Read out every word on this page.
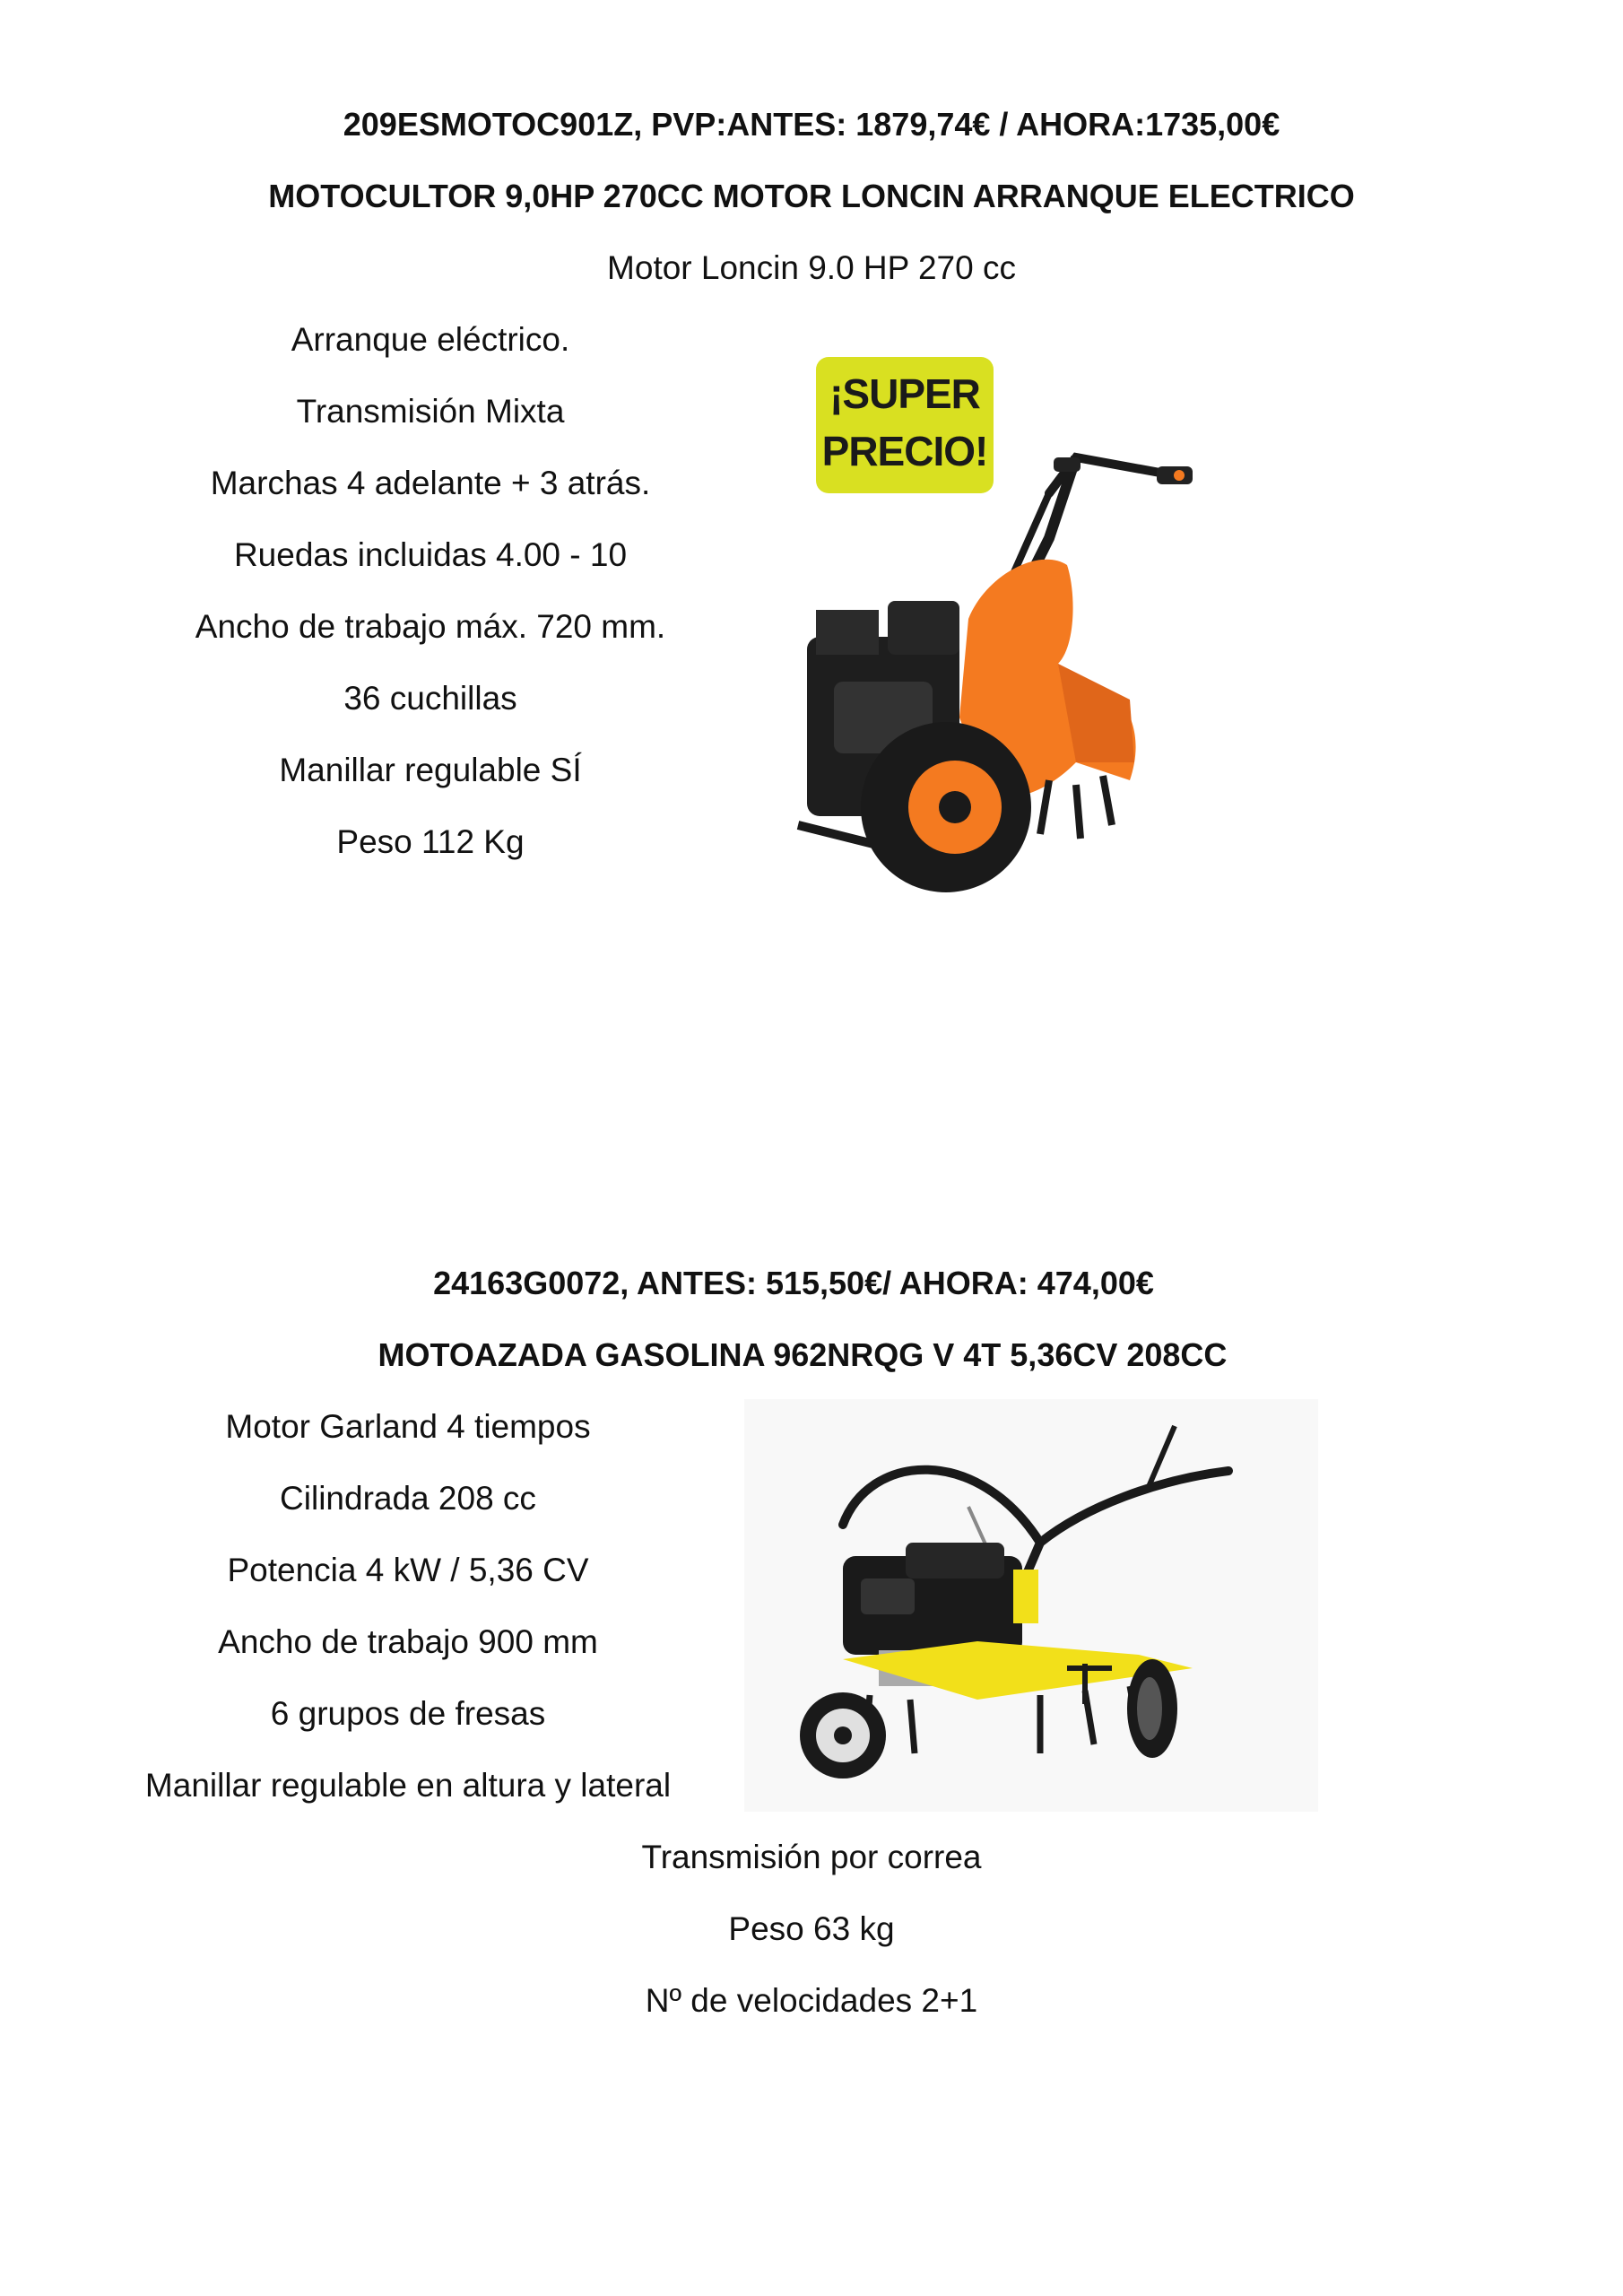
209ESMOTOC901Z, PVP:ANTES: 1879,74€ / AHORA:1735,00€
MOTOCULTOR 9,0HP 270CC MOTOR LONCIN ARRANQUE ELECTRICO
Motor Loncin 9.0 HP 270 cc
Arranque eléctrico.
Transmisión Mixta
Marchas 4 adelante + 3 atrás.
Ruedas incluidas 4.00 - 10
Ancho de trabajo máx. 720 mm.
36 cuchillas
Manillar regulable SÍ
Peso 112 Kg
¡SUPER
PRECIO!
24163G0072, ANTES: 515,50€/ AHORA: 474,00€
MOTOAZADA GASOLINA 962NRQG V 4T 5,36CV 208CC
Motor Garland 4 tiempos
Cilindrada 208 cc
Potencia 4 kW / 5,36 CV
Ancho de trabajo 900 mm
6 grupos de fresas
Manillar regulable en altura y lateral
Transmisión por correa
Peso 63 kg
Nº de velocidades 2+1
